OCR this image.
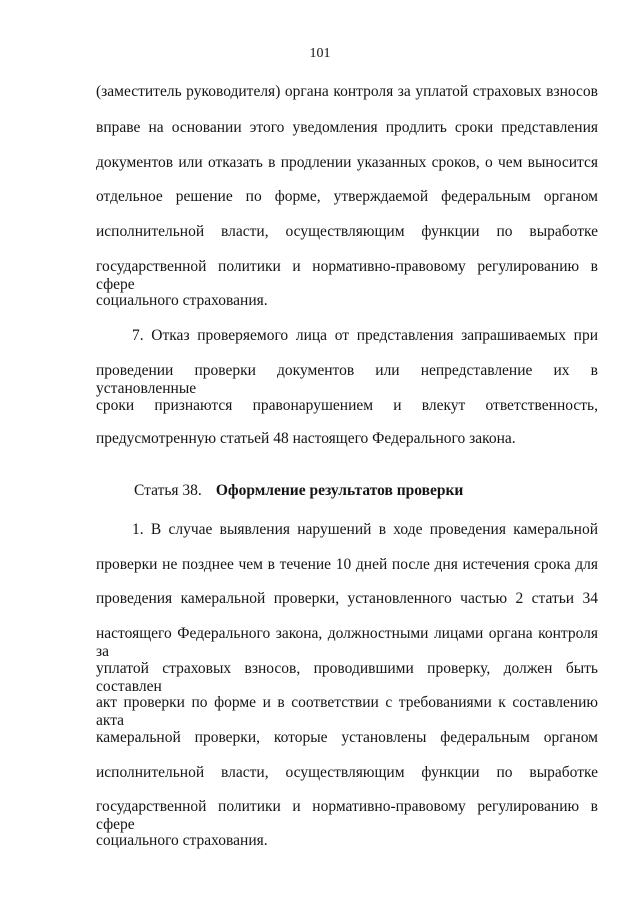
101
(заместитель руководителя) органа контроля за уплатой страховых взносов
вправе на основании этого уведомления продлить сроки представления
документов или отказать в продлении указанных сроков, о чем выносится
отдельное решение по форме, утверждаемой федеральным органом
исполнительной власти, осуществляющим функции по выработке
государственной политики и нормативно-правовому регулированию в сфере
социального страхования.
7. Отказ проверяемого лица от представления запрашиваемых при
проведении проверки документов или непредставление их в установленные
сроки признаются правонарушением и влекут ответственность,
предусмотренную статьей 48 настоящего Федерального закона.
Статья 38. Оформление результатов проверки
1. В случае выявления нарушений в ходе проведения камеральной
проверки не позднее чем в течение 10 дней после дня истечения срока для
проведения камеральной проверки, установленного частью 2 статьи 34
настоящего Федерального закона, должностными лицами органа контроля за
уплатой страховых взносов, проводившими проверку, должен быть составлен
акт проверки по форме и в соответствии с требованиями к составлению акта
камеральной проверки, которые установлены федеральным органом
исполнительной власти, осуществляющим функции по выработке
государственной политики и нормативно-правовому регулированию в сфере
социального страхования.
